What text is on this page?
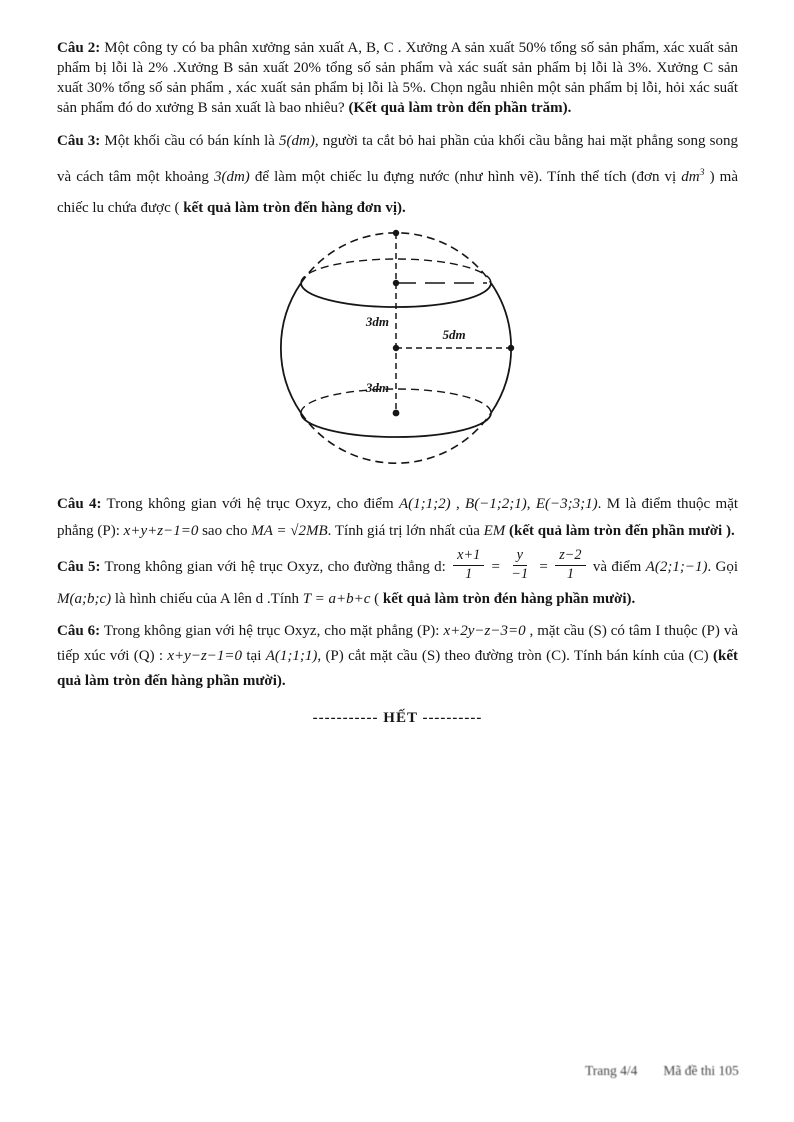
Câu 2: Một công ty có ba phân xưởng sản xuất A, B, C . Xưởng A sản xuất 50% tổng số sản phẩm, xác xuất sản phẩm bị lỗi là 2% .Xưởng B sản xuất 20% tổng số sản phẩm và xác suất sản phẩm bị lỗi là 3%. Xưởng C sản xuất 30% tổng số sản phẩm , xác xuất sản phẩm bị lỗi là 5%. Chọn ngẫu nhiên một sản phẩm bị lỗi, hỏi xác suất sản phẩm đó do xưởng B sản xuất là bao nhiêu? (Kết quả làm tròn đến phần trăm).

Câu 3: Một khối cầu có bán kính là 5(dm), người ta cắt bỏ hai phần của khối cầu bằng hai mặt phẳng song song và cách tâm một khoảng 3(dm) để làm một chiếc lu đựng nước (như hình vẽ). Tính thể tích (đơn vị $dm^3$ ) mà chiếc lu chứa được ( kết quả làm tròn đến hàng đơn vị).

3dm
5dm
3dm

Câu 4: Trong không gian với hệ trục Oxyz, cho điểm A(1;1;2) , B(−1;2;1), E(−3;3;1). M là điểm thuộc mặt phẳng (P): x+y+z−1=0 sao cho MA = √2MB. Tính giá trị lớn nhất của EM (kết quả làm tròn đến phần mười ).

Câu 5: Trong không gian với hệ trục Oxyz, cho đường thẳng d: $\frac{x+1}{1} = \frac{y}{-1} = \frac{z-2}{1}$ và điểm A(2;1;−1). Gọi M(a;b;c) là hình chiếu của A lên d .Tính T = a+b+c ( kết quả làm tròn đén hàng phần mười).

Câu 6: Trong không gian với hệ trục Oxyz, cho mặt phẳng (P): x+2y−z−3=0 , mặt cầu (S) có tâm I thuộc (P) và tiếp xúc với (Q) : x+y−z−1=0 tại A(1;1;1), (P) cắt mặt cầu (S) theo đường tròn (C). Tính bán kính của (C) (kết quả làm tròn đến hàng phần mười).

----------- HẾT ----------
Trang 4/4 Mã đề thi 105
